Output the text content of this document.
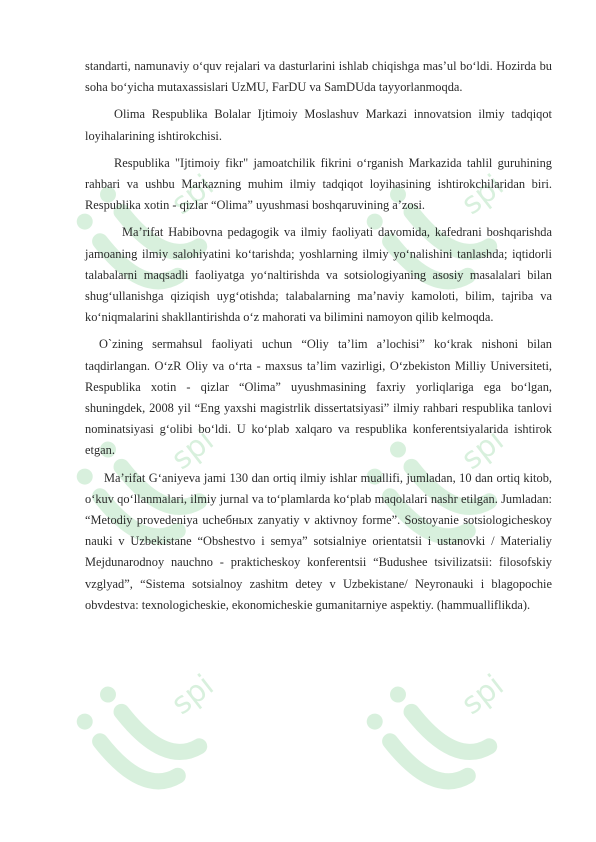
spi	spi
spi	spi
spi	spi

standarti, namunaviy o‘quv rejalari va dasturlarini ishlab chiqishga mas’ul bo‘ldi. Hozirda bu soha bo‘yicha mutaxassislari UzMU, FarDU va SamDUda tayyorlanmoqda.

Olima Respublika Bolalar Ijtimoiy Moslashuv Markazi innovatsion ilmiy tadqiqot loyihalarining ishtirokchisi.

Respublika "Ijtimoiy fikr" jamoatchilik fikrini o‘rganish Markazida tahlil guruhining rahbari va ushbu Markazning muhim ilmiy tadqiqot loyihasining ishtirokchilaridan biri. Respublika xotin - qizlar “Olima” uyushmasi boshqaruvining a’zosi.

Ma’rifat Habibovna pedagogik va ilmiy faoliyati davomida, kafedrani boshqarishda jamoaning ilmiy salohiyatini ko‘tarishda; yoshlarning ilmiy yo‘nalishini tanlashda; iqtidorli talabalarni maqsadli faoliyatga yo‘naltirishda va sotsiologiyaning asosiy masalalari bilan shug‘ullanishga qiziqish uyg‘otishda; talabalarning ma’naviy kamoloti, bilim, tajriba va ko‘niqmalarini shakllantirishda o‘z mahorati va bilimini namoyon qilib kelmoqda.

O`zining sermahsul faoliyati uchun “Oliy ta’lim a’lochisi” ko‘krak nishoni bilan taqdirlangan. O‘zR Oliy va o‘rta - maxsus ta’lim vazirligi, O‘zbekiston Milliy Universiteti, Respublika xotin - qizlar “Olima” uyushmasining faxriy yorliqlariga ega bo‘lgan, shuningdek, 2008 yil “Eng yaxshi magistrlik dissertatsiyasi” ilmiy rahbari respublika tanlovi nominatsiyasi g‘olibi bo‘ldi. U ko‘plab xalqaro va respublika konferentsiyalarida ishtirok etgan.

Ma’rifat G‘aniyeva jami 130 dan ortiq ilmiy ishlar muallifi, jumladan, 10 dan ortiq kitob, o‘kuv qo‘llanmalari, ilmiy jurnal va to‘plamlarda ko‘plab maqolalari nashr etilgan. Jumladan: “Metodiy provedeniya ucheбных zanyatiy v aktivnoy forme”. Sostoyanie sotsiologicheskoy nauki v Uzbekistane “Obshestvo i semya” sotsialniye orientatsii i ustanovki / Materialiy Mejdunarodnoy nauchno - prakticheskoy konferentsii “Budushee tsivilizatsii: filosofskiy vzglyad”, “Sistema sotsialnoy zashitm detey v Uzbekistane/ Neyronauki i blagopochie obvdestva: texnologicheskie, ekonomicheskie gumanitarniye aspektiy. (hammualliflikda).
